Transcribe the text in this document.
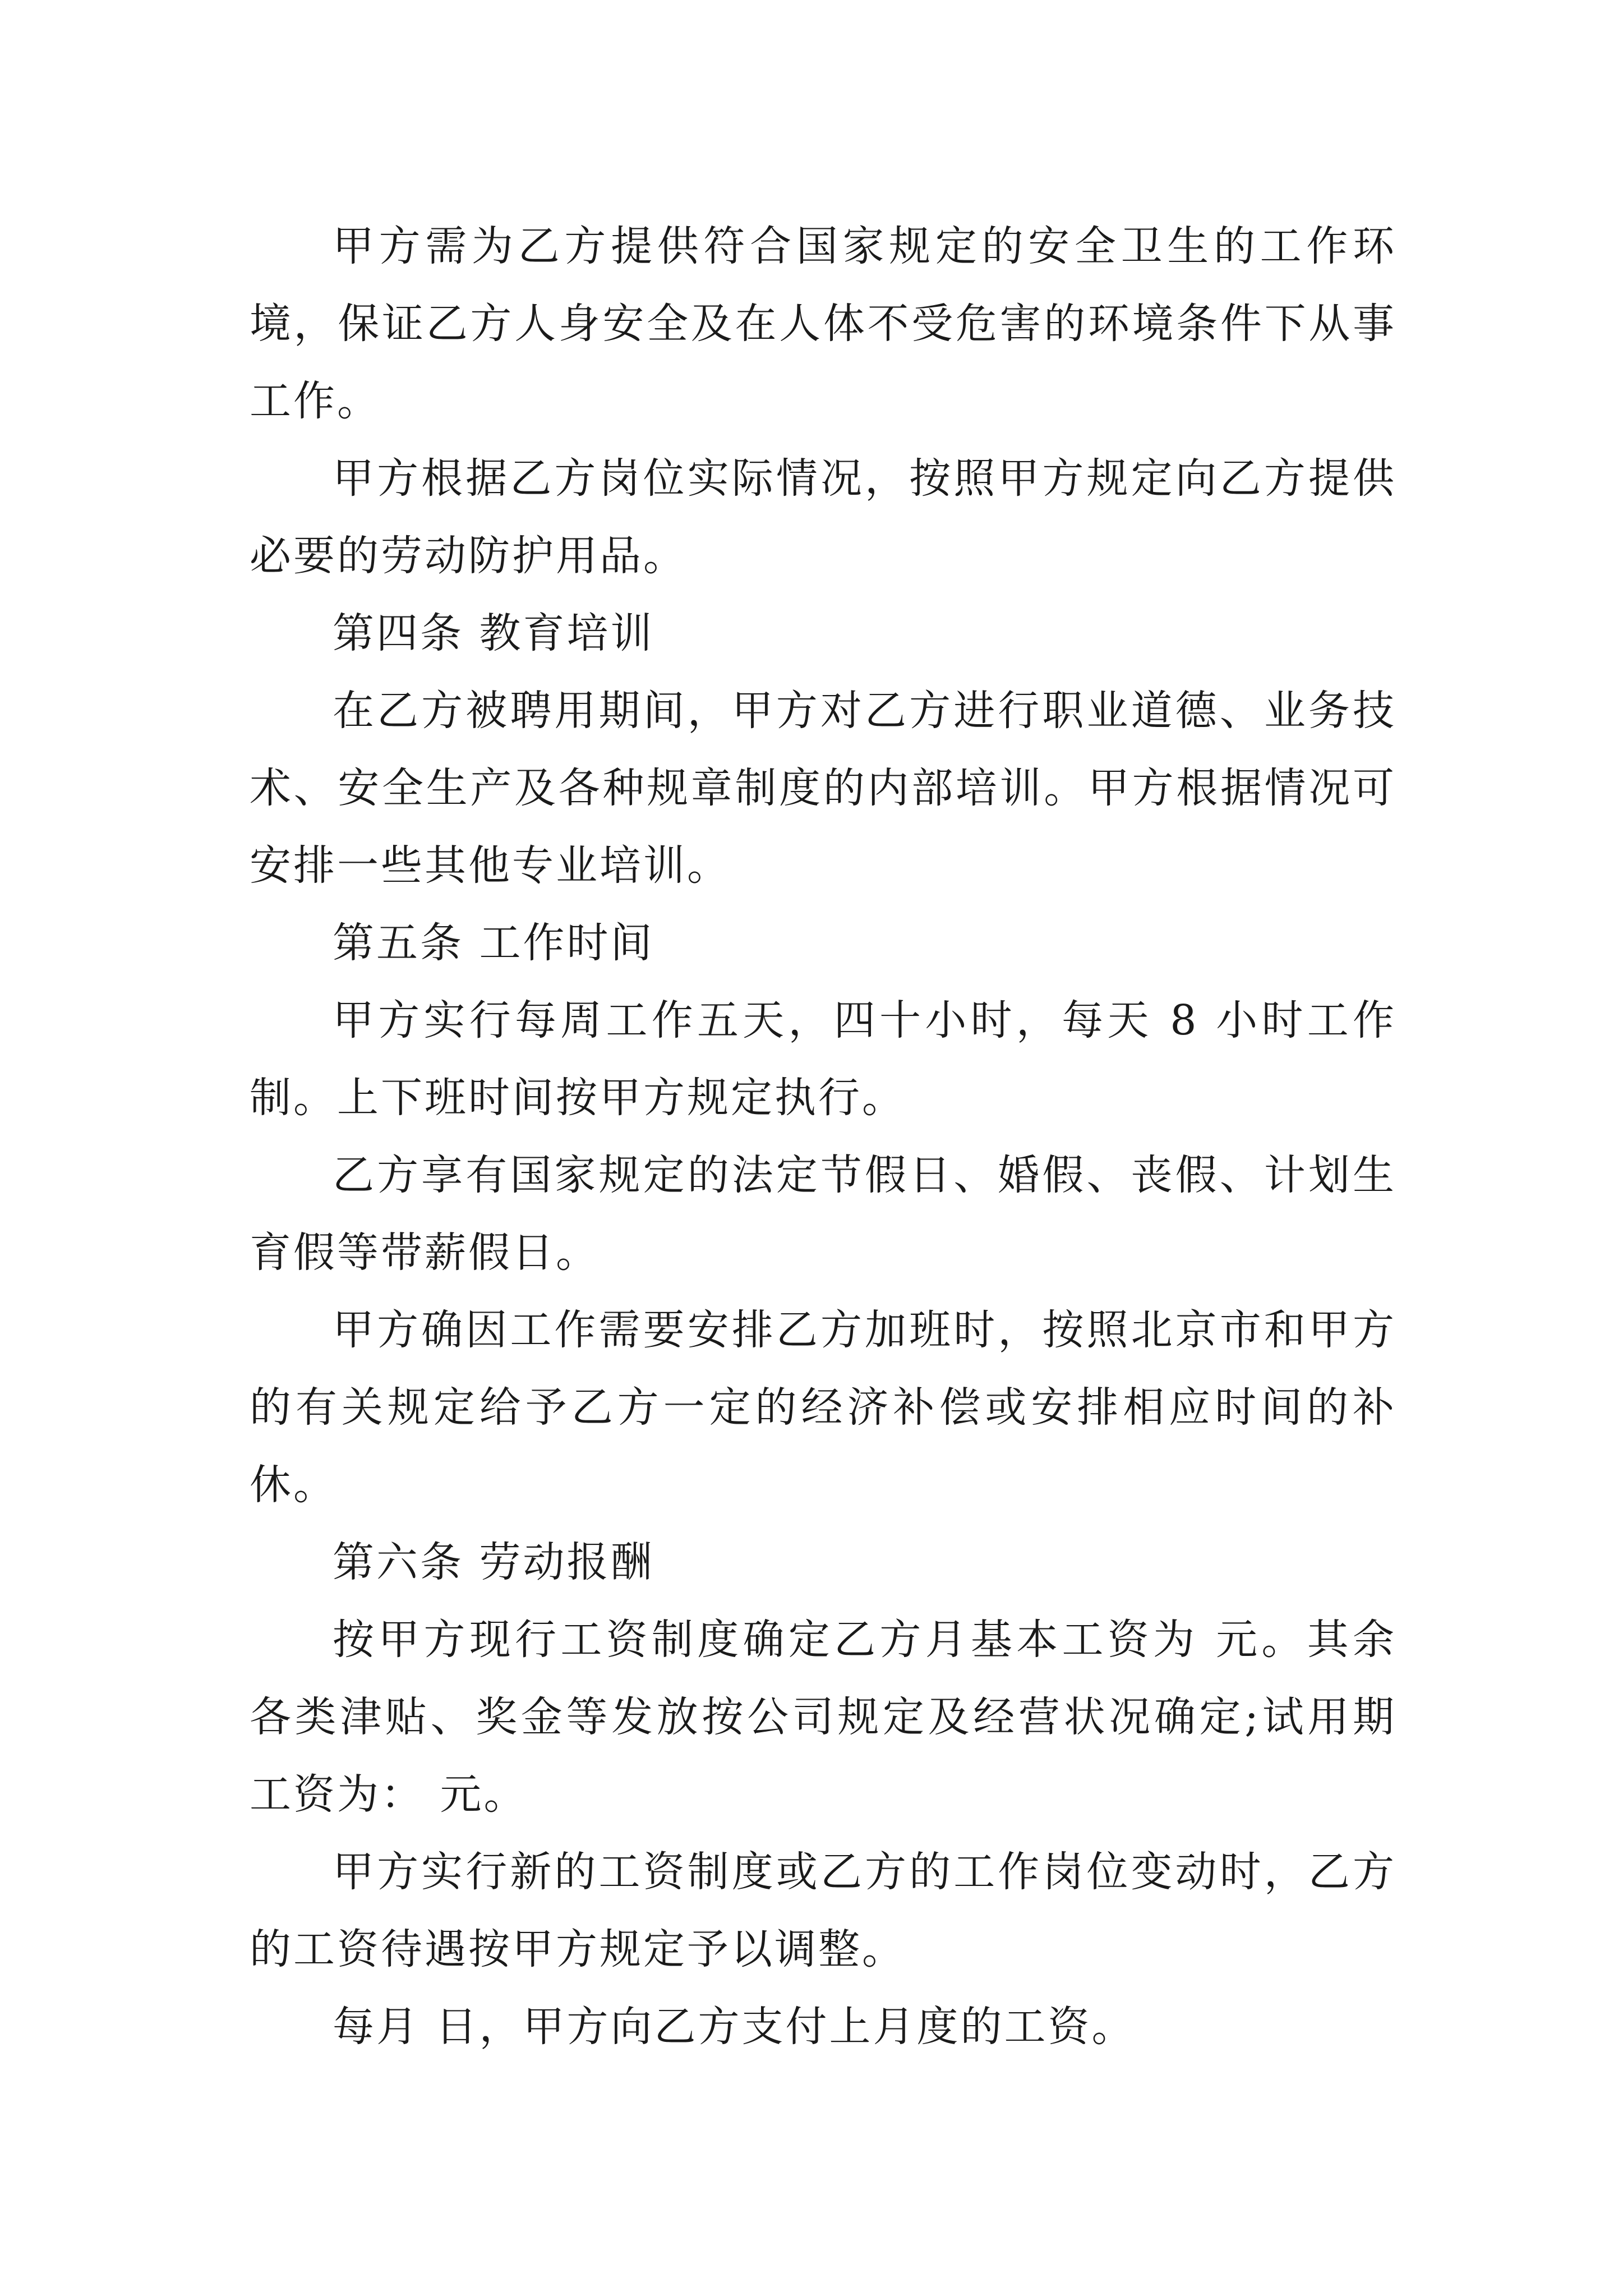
甲方需为乙方提供符合国家规定的安全卫生的工作环境，保证乙方人身安全及在人体不受危害的环境条件下从事工作。

甲方根据乙方岗位实际情况，按照甲方规定向乙方提供必要的劳动防护用品。

第四条 教育培训

在乙方被聘用期间，甲方对乙方进行职业道德、业务技术、安全生产及各种规章制度的内部培训。甲方根据情况可安排一些其他专业培训。

第五条 工作时间

甲方实行每周工作五天，四十小时，每天 8 小时工作制。上下班时间按甲方规定执行。

乙方享有国家规定的法定节假日、婚假、丧假、计划生育假等带薪假日。

甲方确因工作需要安排乙方加班时，按照北京市和甲方的有关规定给予乙方一定的经济补偿或安排相应时间的补休。

第六条 劳动报酬

按甲方现行工资制度确定乙方月基本工资为 元。其余各类津贴、奖金等发放按公司规定及经营状况确定;试用期工资为： 元。

甲方实行新的工资制度或乙方的工作岗位变动时，乙方的工资待遇按甲方规定予以调整。

每月 日，甲方向乙方支付上月度的工资。
